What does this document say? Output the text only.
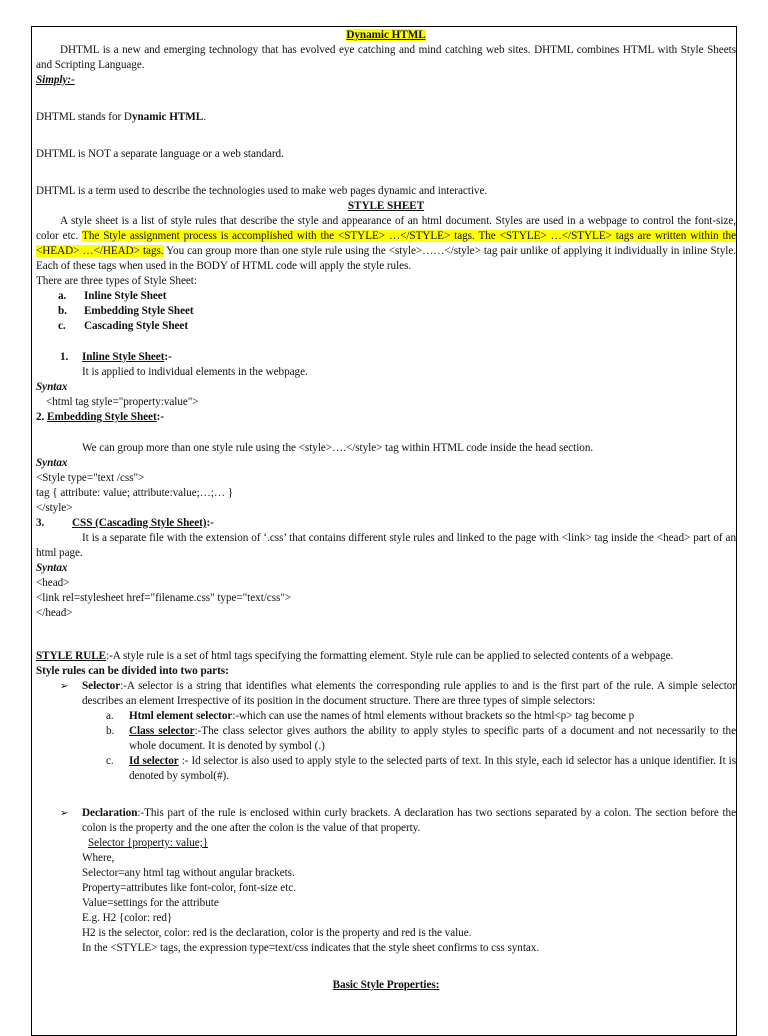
Dynamic HTML

DHTML is a new and emerging technology that has evolved eye catching and mind catching web sites. DHTML combines HTML with Style Sheets and Scripting Language.

Simply:-

DHTML stands for Dynamic HTML.

DHTML is NOT a separate language or a web standard.

DHTML is a term used to describe the technologies used to make web pages dynamic and interactive.

STYLE SHEET

A style sheet is a list of style rules that describe the style and appearance of an html document. Styles are used in a webpage to control the font-size, color etc. The Style assignment process is accomplished with the <STYLE> …</STYLE> tags. The <STYLE> …</STYLE> tags are written within the <HEAD> …</HEAD> tags. You can group more than one style rule using the <style>……</style> tag pair unlike of applying it individually in inline Style. Each of these tags when used in the BODY of HTML code will apply the style rules.

There are three types of Style Sheet:

a. Inline Style Sheet
b. Embedding Style Sheet
c. Cascading Style Sheet
1. Inline Style Sheet:-

It is applied to individual elements in the webpage.

Syntax

<html tag style="property:value">

2. Embedding Style Sheet:-

We can group more than one style rule using the <style>….</style> tag within HTML code inside the head section.

Syntax

<Style type="text /css">

tag { attribute: value; attribute:value;…;… }

</style>

3. CSS (Cascading Style Sheet):-

It is a separate file with the extension of ‘.css’ that contains different style rules and linked to the page with <link> tag inside the <head> part of an html page.

Syntax

<head>

<link rel=stylesheet href="filename.css" type="text/css">

</head>

STYLE RULE:-A style rule is a set of html tags specifying the formatting element. Style rule can be applied to selected contents of a webpage.

Style rules can be divided into two parts:

➢ Selector:-A selector is a string that identifies what elements the corresponding rule applies to and is the first part of the rule. A simple selector describes an element Irrespective of its position in the document structure. There are three types of simple selectors:
a. Html element selector:-which can use the names of html elements without brackets so the html<p> tag become p
b. Class selector:-The class selector gives authors the ability to apply styles to specific parts of a document and not necessarily to the whole document. It is denoted by symbol (.)
c. Id selector :- Id selector is also used to apply style to the selected parts of text. In this style, each id selector has a unique identifier. It is denoted by symbol(#).
➢ Declaration:-This part of the rule is enclosed within curly brackets. A declaration has two sections separated by a colon. The section before the colon is the property and the one after the colon is the value of that property.

Selector {property: value;}

Where,

Selector=any html tag without angular brackets.

Property=attributes like font-color, font-size etc.

Value=settings for the attribute

E.g. H2 {color: red}

H2 is the selector, color: red is the declaration, color is the property and red is the value.

In the <STYLE> tags, the expression type=text/css indicates that the style sheet confirms to css syntax.

Basic Style Properties:
